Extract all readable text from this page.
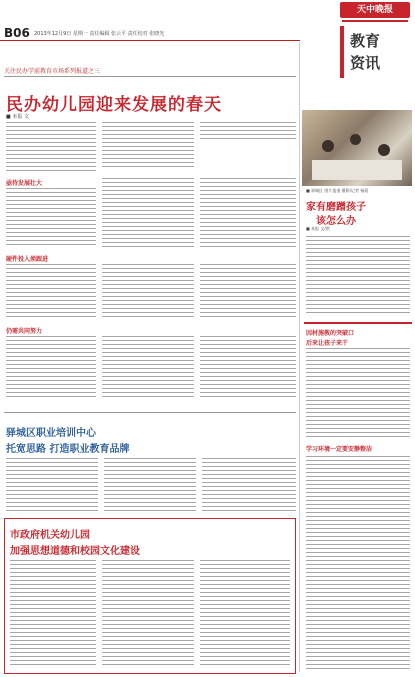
B06 2013年12月9日 星期一 责任编辑 张云平 责任校对 张晓光
天中晚报
教育
资讯
关注民办学前教育市场系列报道之三
民办幼儿园迎来发展的春天
■ 本报 文
亟待发展壮大
硬件投入须跟进
仍需共同努力
驿城区职业培训中心
托宽思路 打造职业教育品牌
市政府机关幼儿园
加强思想道德和校园文化建设
■ 驿城区 图片报道 摄影/记者 杨晨
家有磨蹭孩子
该怎么办
■ 本报 文/图
因材施教的突破口
后来让孩子来干
学习环境一定要安静整洁
